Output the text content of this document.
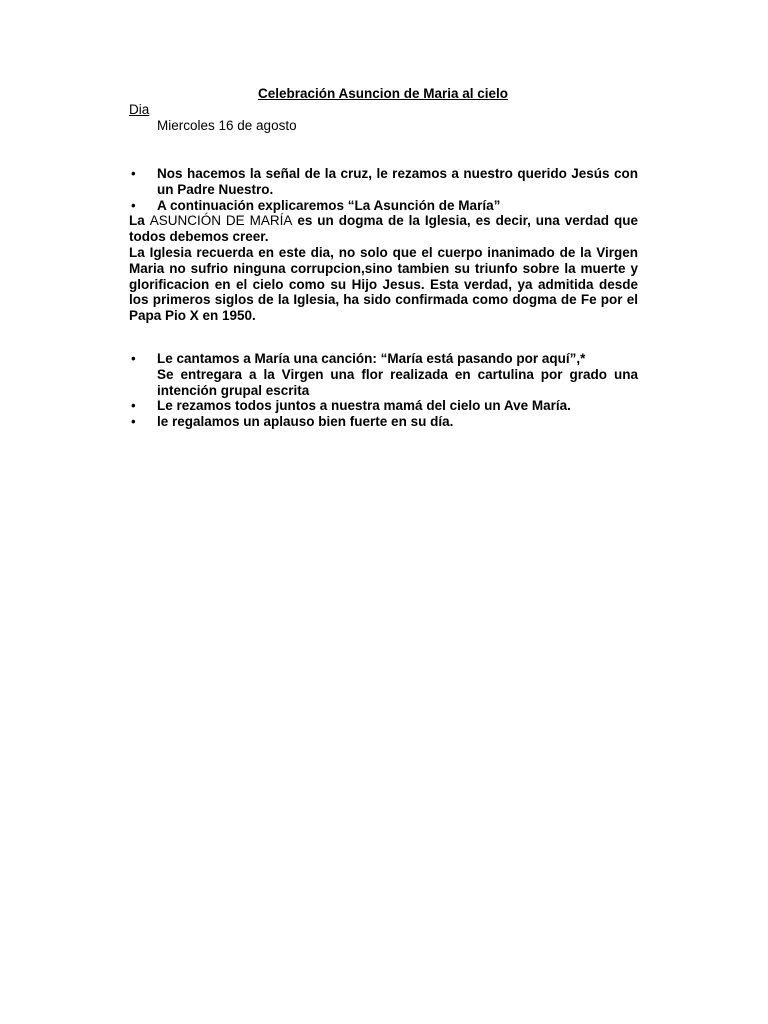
Celebración Asuncion de Maria al cielo
Dia
Miercoles 16 de agosto
• Nos hacemos la señal de la cruz, le rezamos a nuestro querido Jesús con un Padre Nuestro.
• A continuación explicaremos “La Asunción de María”
La ASUNCIÓN DE MARÍA es un dogma de la Iglesia, es decir, una verdad que todos debemos creer.
La Iglesia recuerda en este dia, no solo que el cuerpo inanimado de la Virgen Maria no sufrio ninguna corrupcion,sino tambien su triunfo sobre la muerte y glorificacion en el cielo como su Hijo Jesus. Esta verdad, ya admitida desde los primeros siglos de la Iglesia, ha sido confirmada como dogma de Fe por el Papa Pio X en 1950.
• Le cantamos a María una canción: “María está pasando por aquí”,*
Se entregara a la Virgen una flor realizada en cartulina por grado una intención grupal escrita
• Le rezamos todos juntos a nuestra mamá del cielo un Ave María.
• le regalamos un aplauso bien fuerte en su día.
